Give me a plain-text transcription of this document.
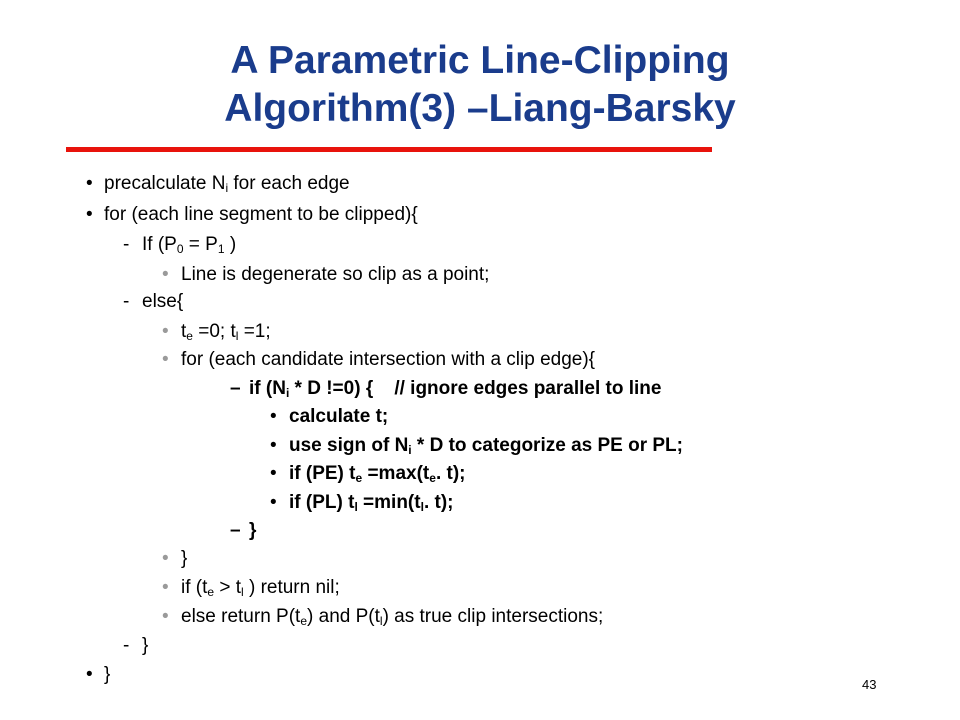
A Parametric Line-Clipping
Algorithm(3) –Liang-Barsky
• precalculate $N_i$ for each edge
• for (each line segment to be clipped){
- If ($P_0 = P_1$ )
• Line is degenerate so clip as a point;
- else{
• $t_e =0$; $t_l =1$;
• for (each candidate intersection with a clip edge){
– if ($N_i$ * D !=0) {    // ignore edges parallel to line
• calculate t;
• use sign of $N_i$ * D to categorize as PE or PL;
• if (PE) $t_e =\max(t_e$. t);
• if (PL) $t_l =\min(t_l$. t);
– }
• }
• if ($t_e > t_l$ ) return nil;
• else return $P(t_e)$ and $P(t_l)$ as true clip intersections;
- }
• }	43
